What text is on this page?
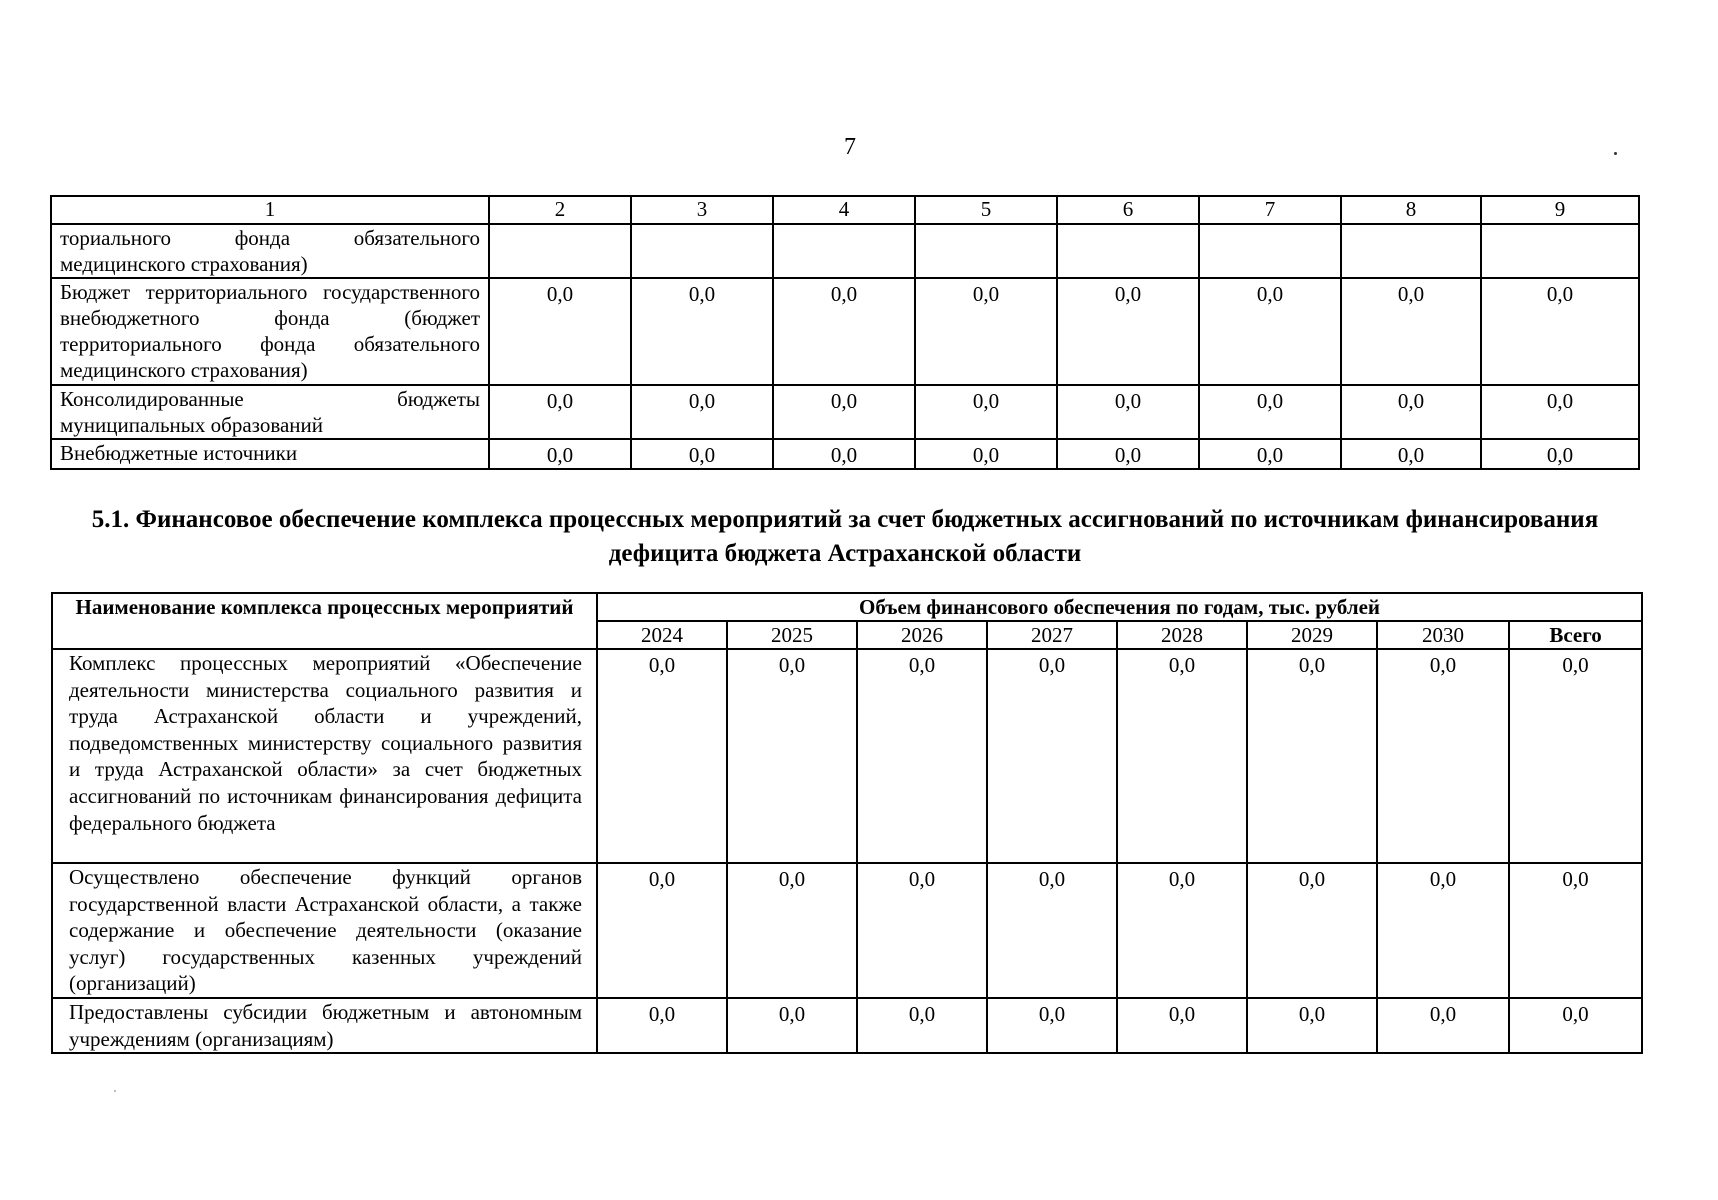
7
1	2	3	4	5	6	7	8	9
ториального фонда обязательного медицинского страхования)								
Бюджет территориального государственного внебюджетного фонда (бюджет территориального фонда обязательного медицинского страхования)	0,0	0,0	0,0	0,0	0,0	0,0	0,0	0,0
Консолидированные бюджеты муниципальных образований	0,0	0,0	0,0	0,0	0,0	0,0	0,0	0,0
Внебюджетные источники	0,0	0,0	0,0	0,0	0,0	0,0	0,0	0,0
5.1. Финансовое обеспечение комплекса процессных мероприятий за счет бюджетных ассигнований по источникам финансирования дефицита бюджета Астраханской области
Наименование комплекса процессных мероприятий	Объем финансового обеспечения по годам, тыс. рублей							
	2024	2025	2026	2027	2028	2029	2030	Всего
Комплекс процессных мероприятий «Обеспечение деятельности министерства социального развития и труда Астраханской области и учреждений, подведомственных министерству социального развития и труда Астраханской области» за счет бюджетных ассигнований по источникам финансирования дефицита федерального бюджета	0,0	0,0	0,0	0,0	0,0	0,0	0,0	0,0
Осуществлено обеспечение функций органов государственной власти Астраханской области, а также содержание и обеспечение деятельности (оказание услуг) государственных казенных учреждений (организаций)	0,0	0,0	0,0	0,0	0,0	0,0	0,0	0,0
Предоставлены субсидии бюджетным и автономным учреждениям (организациям)	0,0	0,0	0,0	0,0	0,0	0,0	0,0	0,0
